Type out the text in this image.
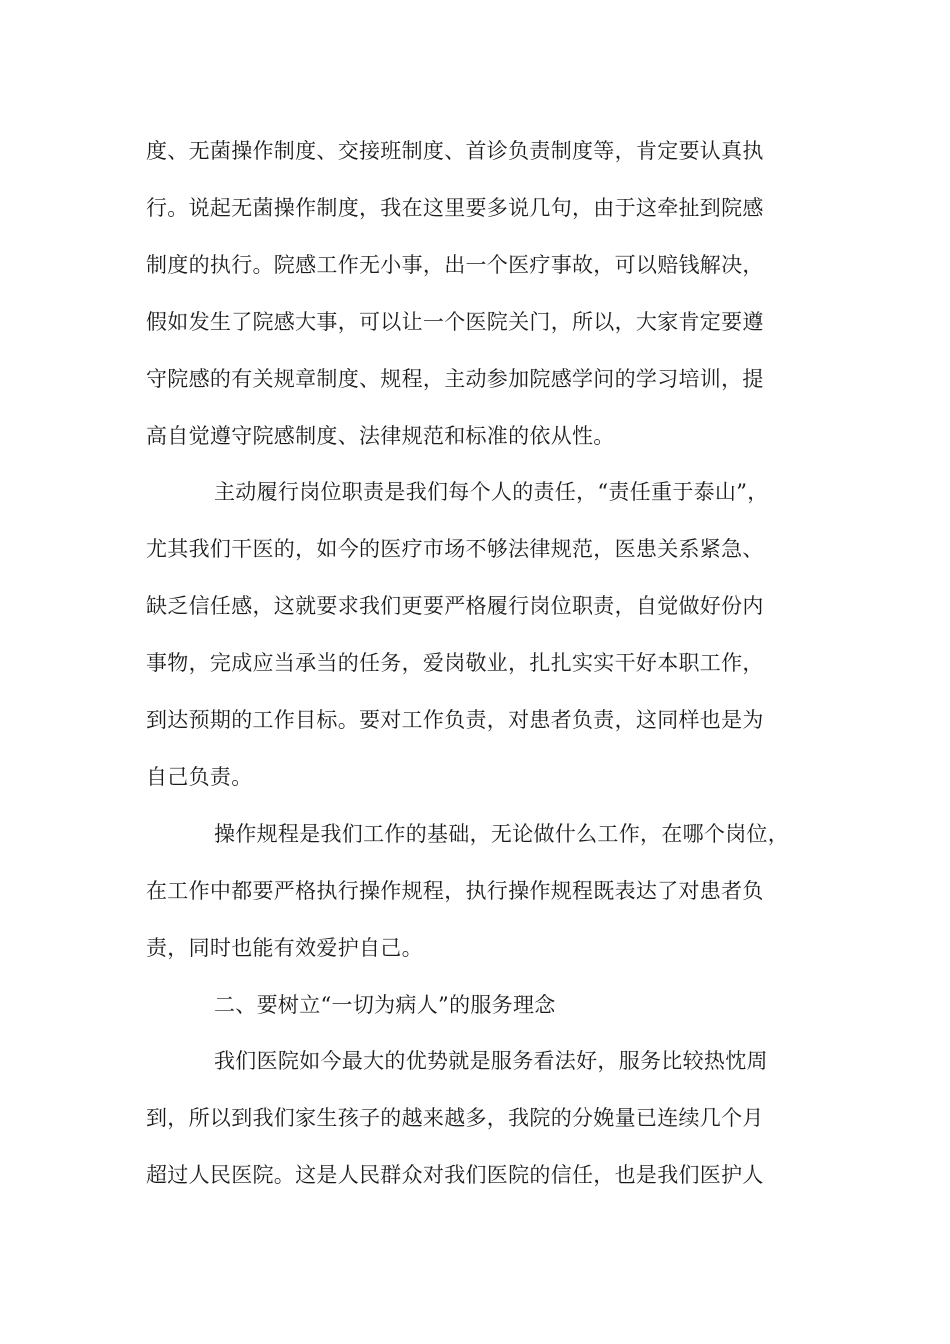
度、无菌操作制度、交接班制度、首诊负责制度等，肯定要认真执
行。说起无菌操作制度，我在这里要多说几句，由于这牵扯到院感
制度的执行。院感工作无小事，出一个医疗事故，可以赔钱解决，
假如发生了院感大事，可以让一个医院关门，所以，大家肯定要遵
守院感的有关规章制度、规程，主动参加院感学问的学习培训，提
高自觉遵守院感制度、法律规范和标准的依从性。
主动履行岗位职责是我们每个人的责任，“责任重于泰山”，
尤其我们干医的，如今的医疗市场不够法律规范，医患关系紧急、
缺乏信任感，这就要求我们更要严格履行岗位职责，自觉做好份内
事物，完成应当承当的任务，爱岗敬业，扎扎实实干好本职工作，
到达预期的工作目标。要对工作负责，对患者负责，这同样也是为
自己负责。
操作规程是我们工作的基础，无论做什么工作，在哪个岗位，
在工作中都要严格执行操作规程，执行操作规程既表达了对患者负
责，同时也能有效爱护自己。
二、要树立“一切为病人”的服务理念
我们医院如今最大的优势就是服务看法好，服务比较热忱周
到，所以到我们家生孩子的越来越多，我院的分娩量已连续几个月
超过人民医院。这是人民群众对我们医院的信任，也是我们医护人
